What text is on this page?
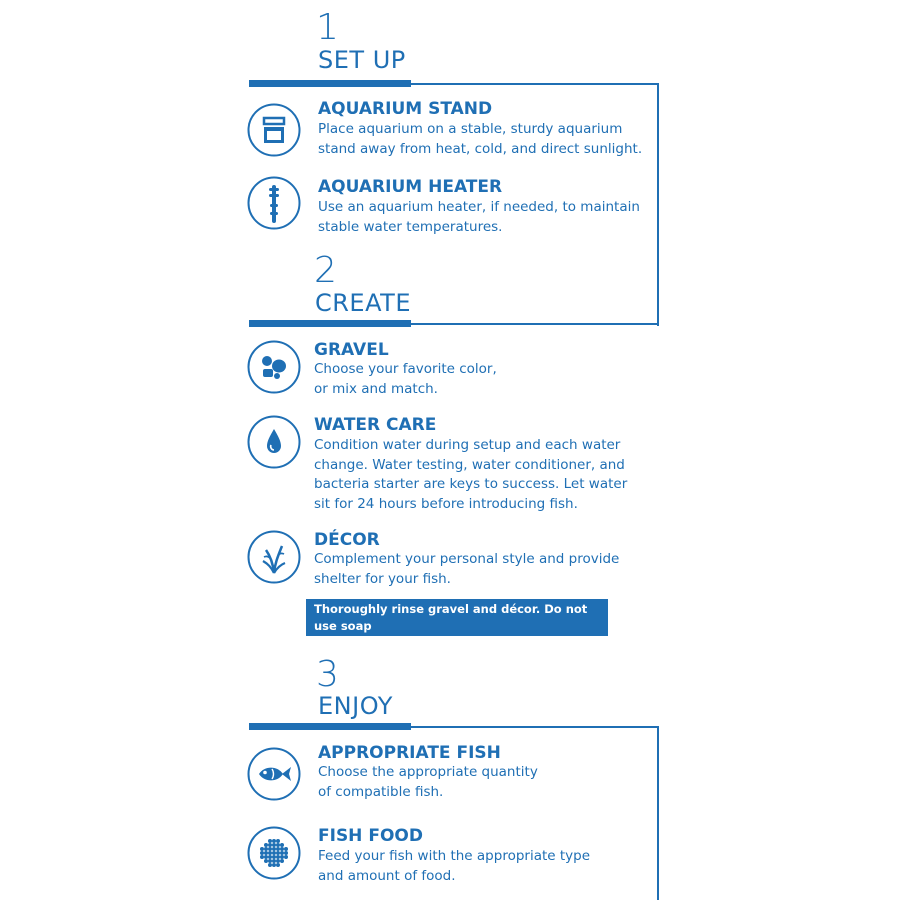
1
SET UP
2
CREATE
3
ENJOY
AQUARIUM STAND
Place aquarium on a stable, sturdy aquarium
stand away from heat, cold, and direct sunlight.
AQUARIUM HEATER
Use an aquarium heater, if needed, to maintain
stable water temperatures.
GRAVEL
Choose your favorite color,
or mix and match.
WATER CARE
Condition water during setup and each water
change. Water testing, water conditioner, and
bacteria starter are keys to success. Let water
sit for 24 hours before introducing fish.
DÉCOR
Complement your personal style and provide
shelter for your fish.
Thoroughly rinse gravel and décor. Do not use soap
or detergent as they may harm fish.
APPROPRIATE FISH
Choose the appropriate quantity
of compatible fish.
FISH FOOD
Feed your fish with the appropriate type
and amount of food.
